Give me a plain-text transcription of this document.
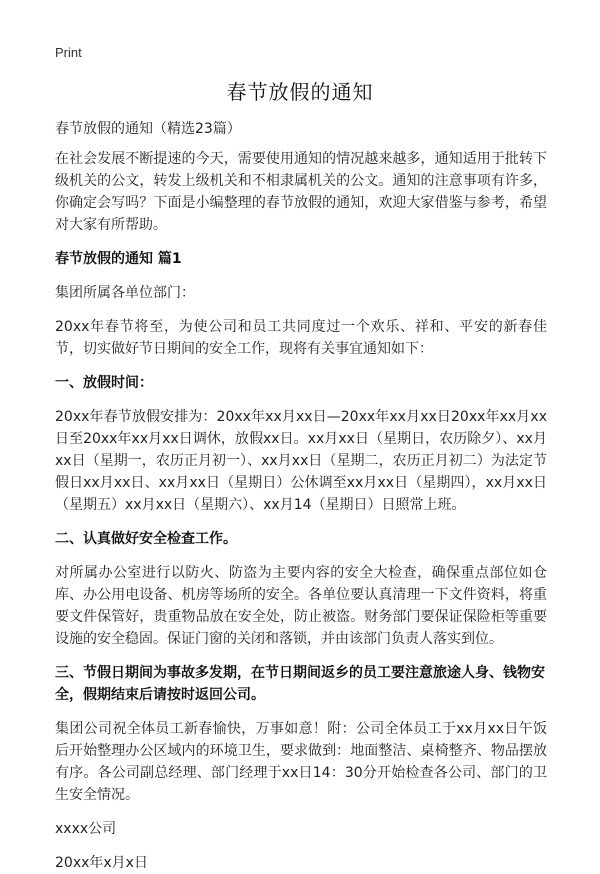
Print
春节放假的通知

春节放假的通知（精选23篇）

在社会发展不断提速的今天，需要使用通知的情况越来越多，通知适用于批转下级机关的公文，转发上级机关和不相隶属机关的公文。通知的注意事项有许多，你确定会写吗？下面是小编整理的春节放假的通知，欢迎大家借鉴与参考，希望对大家有所帮助。

春节放假的通知 篇1

集团所属各单位部门：

20xx年春节将至，为使公司和员工共同度过一个欢乐、祥和、平安的新春佳节，切实做好节日期间的安全工作，现将有关事宜通知如下：

一、放假时间：

20xx年春节放假安排为：20xx年xx月xx日—20xx年xx月xx日20xx年xx月xx日至20xx年xx月xx日调休，放假xx日。xx月xx日（星期日，农历除夕）、xx月xx日（星期一，农历正月初一）、xx月xx日（星期二，农历正月初二）为法定节假日xx月xx日、xx月xx日（星期日）公休调至xx月xx日（星期四），xx月xx日（星期五）xx月xx日（星期六）、xx月14（星期日）日照常上班。

二、认真做好安全检查工作。

对所属办公室进行以防火、防盗为主要内容的安全大检查，确保重点部位如仓库、办公用电设备、机房等场所的安全。各单位要认真清理一下文件资料，将重要文件保管好，贵重物品放在安全处，防止被盗。财务部门要保证保险柜等重要设施的安全稳固。保证门窗的关闭和落锁，并由该部门负责人落实到位。

三、节假日期间为事故多发期，在节日期间返乡的员工要注意旅途人身、钱物安全，假期结束后请按时返回公司。

集团公司祝全体员工新春愉快，万事如意！附：公司全体员工于xx月xx日午饭后开始整理办公区域内的环境卫生，要求做到：地面整洁、桌椅整齐、物品摆放有序。各公司副总经理、部门经理于xx日14：30分开始检查各公司、部门的卫生安全情况。

xxxx公司

20xx年x月x日
